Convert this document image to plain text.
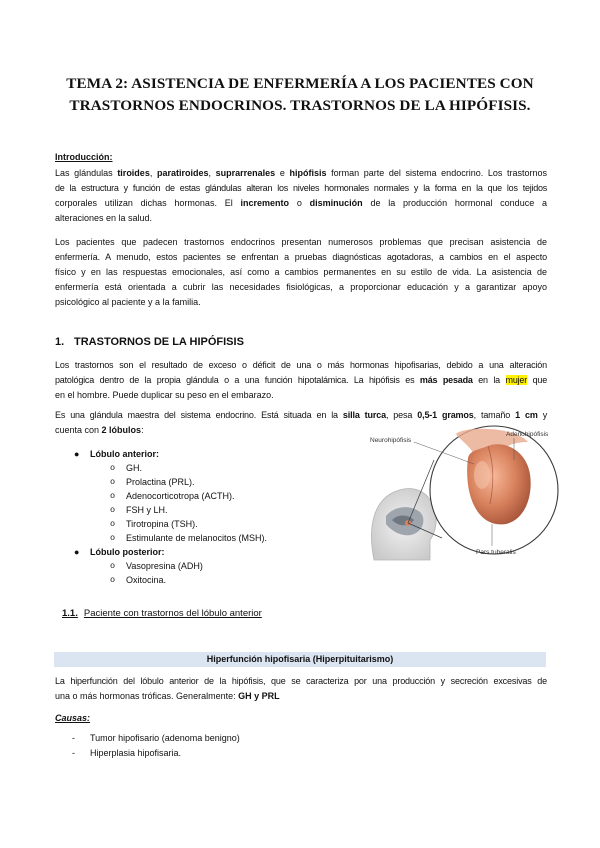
TEMA 2: ASISTENCIA DE ENFERMERÍA A LOS PACIENTES CON
TRASTORNOS ENDOCRINOS. TRASTORNOS DE LA HIPÓFISIS.
Introducción:
Las glándulas tiroides, paratiroides, suprarrenales e hipófisis forman parte del sistema endocrino. Los trastornos
de la estructura y función de estas glándulas alteran los niveles hormonales normales y la forma en la que los tejidos
corporales utilizan dichas hormonas. El incremento o disminución de la producción hormonal conduce a
alteraciones en la salud.
Los pacientes que padecen trastornos endocrinos presentan numerosos problemas que precisan asistencia de
enfermería. A menudo, estos pacientes se enfrentan a pruebas diagnósticas agotadoras, a cambios en el aspecto
físico y en las respuestas emocionales, así como a cambios permanentes en su estilo de vida. La asistencia de
enfermería está orientada a cubrir las necesidades fisiológicas, a proporcionar educación y a garantizar apoyo
psicológico al paciente y a la familia.
1. TRASTORNOS DE LA HIPÓFISIS
Los trastornos son el resultado de exceso o déficit de una o más hormonas hipofisarias, debido a una alteración
patológica dentro de la propia glándula o a una función hipotalámica. La hipófisis es más pesada en la mujer que
en el hombre. Puede duplicar su peso en el embarazo.
Es una glándula maestra del sistema endocrino. Está situada en la silla turca, pesa 0,5-1 gramos, tamaño 1 cm y
cuenta con 2 lóbulos:
● Lóbulo anterior:
o GH.
o Prolactina (PRL).
o Adenocorticotropa (ACTH).
o FSH y LH.
o Tirotropina (TSH).
o Estimulante de melanocitos (MSH).
● Lóbulo posterior:
o Vasopresina (ADH)
o Oxitocina.
Neurohipófisis
Adenohipófisis
Pars tuberalis
1.1. Paciente con trastornos del lóbulo anterior
Hiperfunción hipofisaria (Hiperpituitarismo)
La hiperfunción del lóbulo anterior de la hipófisis, que se caracteriza por una producción y secreción excesivas de
una o más hormonas tróficas. Generalmente: GH y PRL
Causas:
- Tumor hipofisario (adenoma benigno)
- Hiperplasia hipofisaria.
